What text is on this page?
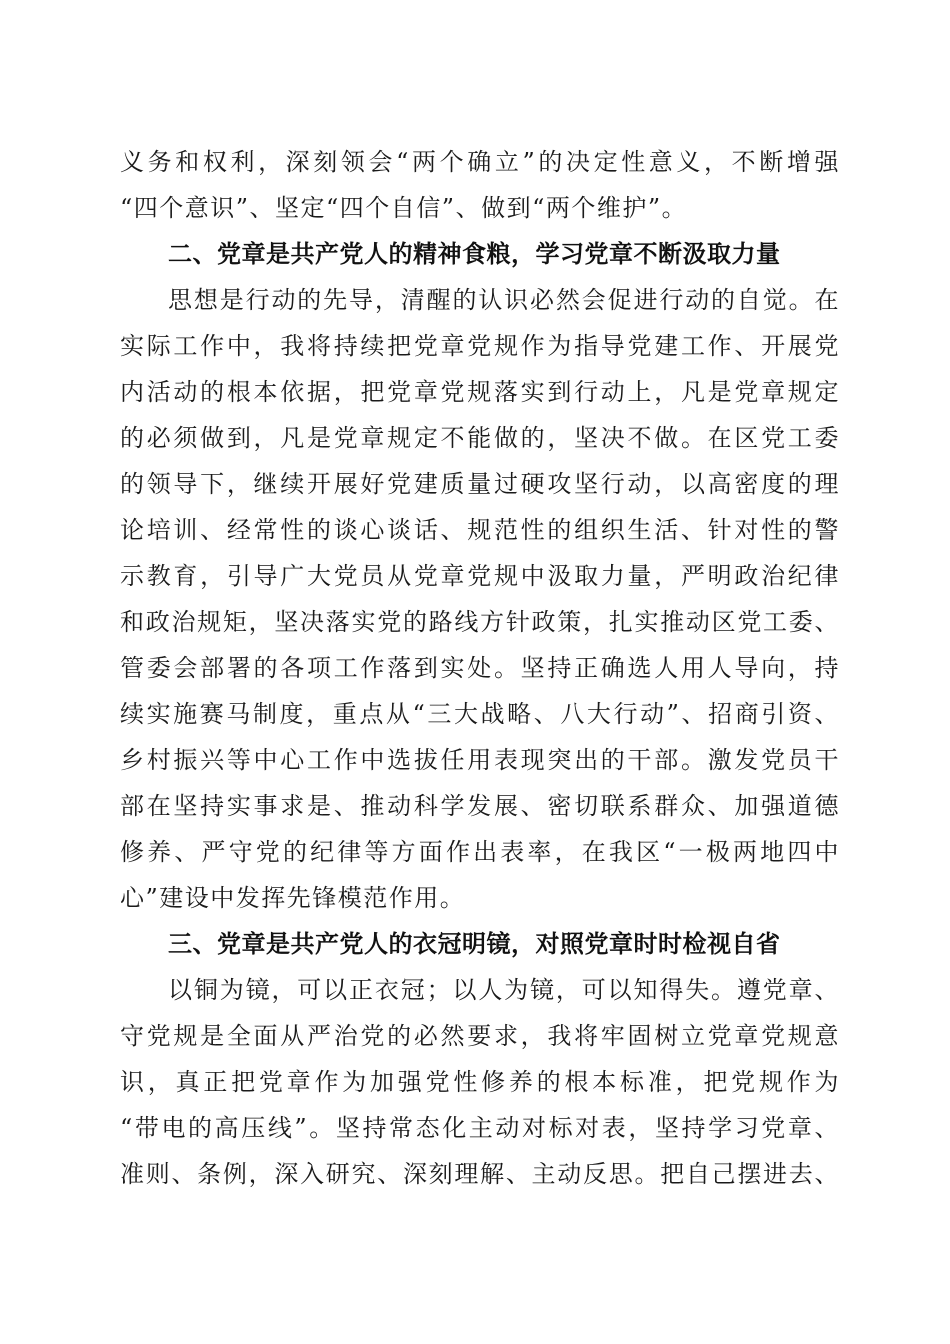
义务和权利，深刻领会“两个确立”的决定性意义，不断增强
“四个意识”、坚定“四个自信”、做到“两个维护”。
二、党章是共产党人的精神食粮，学习党章不断汲取力量
思想是行动的先导，清醒的认识必然会促进行动的自觉。在
实际工作中，我将持续把党章党规作为指导党建工作、开展党
内活动的根本依据，把党章党规落实到行动上，凡是党章规定
的必须做到，凡是党章规定不能做的，坚决不做。在区党工委
的领导下，继续开展好党建质量过硬攻坚行动，以高密度的理
论培训、经常性的谈心谈话、规范性的组织生活、针对性的警
示教育，引导广大党员从党章党规中汲取力量，严明政治纪律
和政治规矩，坚决落实党的路线方针政策，扎实推动区党工委、
管委会部署的各项工作落到实处。坚持正确选人用人导向，持
续实施赛马制度，重点从“三大战略、八大行动”、招商引资、
乡村振兴等中心工作中选拔任用表现突出的干部。激发党员干
部在坚持实事求是、推动科学发展、密切联系群众、加强道德
修养、严守党的纪律等方面作出表率，在我区“一极两地四中
心”建设中发挥先锋模范作用。
三、党章是共产党人的衣冠明镜，对照党章时时检视自省
以铜为镜，可以正衣冠；以人为镜，可以知得失。遵党章、
守党规是全面从严治党的必然要求，我将牢固树立党章党规意
识，真正把党章作为加强党性修养的根本标准，把党规作为
“带电的高压线”。坚持常态化主动对标对表，坚持学习党章、
准则、条例，深入研究、深刻理解、主动反思。把自己摆进去、
